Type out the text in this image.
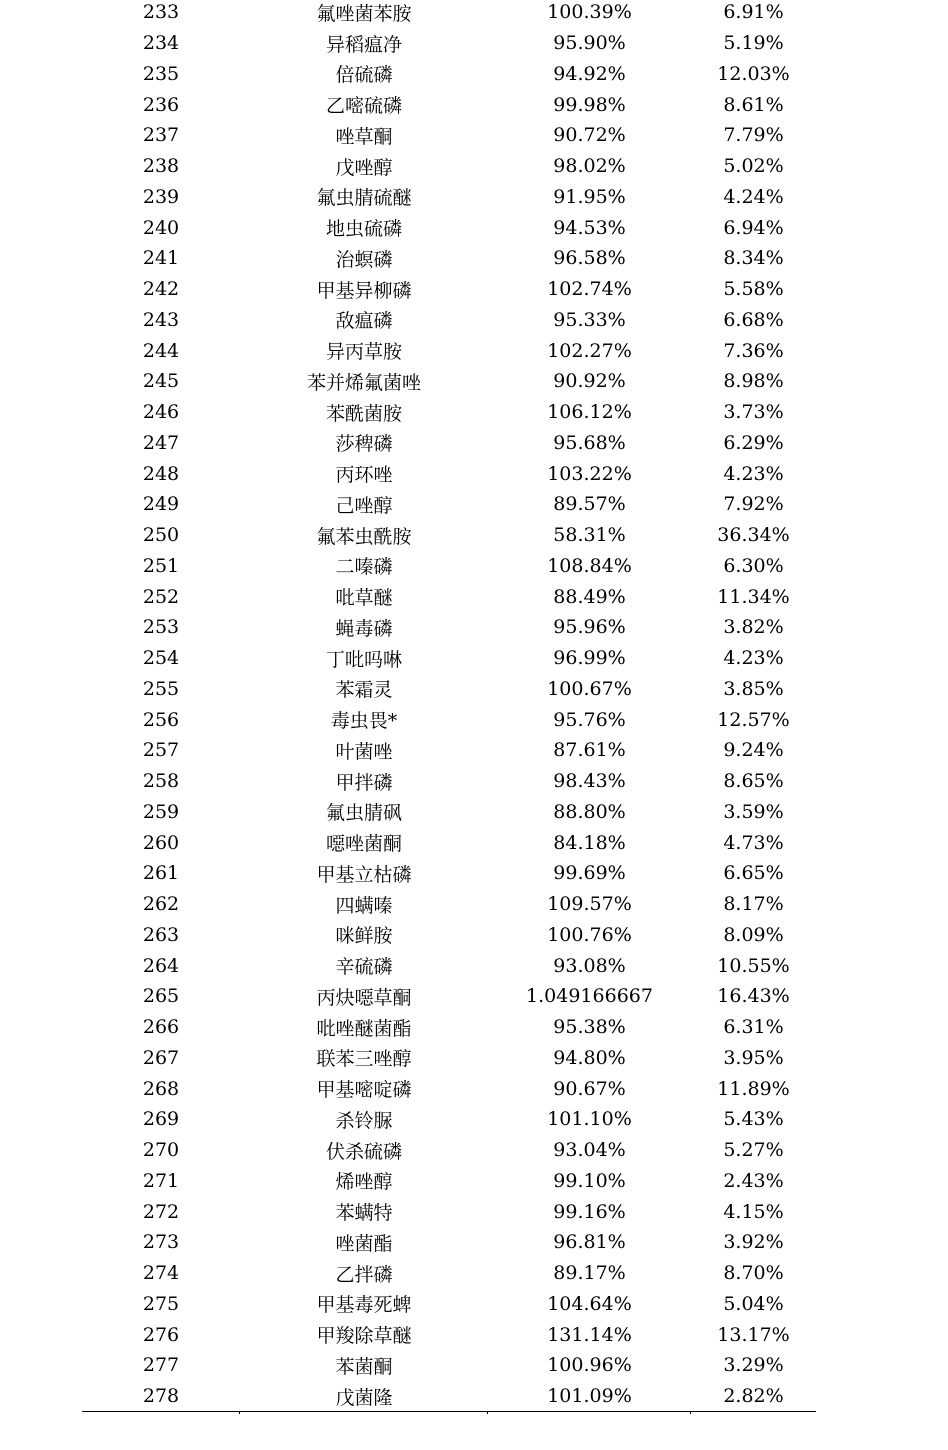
233	氟唑菌苯胺	100.39%	6.91%
234	异稻瘟净	95.90%	5.19%
235	倍硫磷	94.92%	12.03%
236	乙嘧硫磷	99.98%	8.61%
237	唑草酮	90.72%	7.79%
238	戊唑醇	98.02%	5.02%
239	氟虫腈硫醚	91.95%	4.24%
240	地虫硫磷	94.53%	6.94%
241	治螟磷	96.58%	8.34%
242	甲基异柳磷	102.74%	5.58%
243	敌瘟磷	95.33%	6.68%
244	异丙草胺	102.27%	7.36%
245	苯并烯氟菌唑	90.92%	8.98%
246	苯酰菌胺	106.12%	3.73%
247	莎稗磷	95.68%	6.29%
248	丙环唑	103.22%	4.23%
249	己唑醇	89.57%	7.92%
250	氟苯虫酰胺	58.31%	36.34%
251	二嗪磷	108.84%	6.30%
252	吡草醚	88.49%	11.34%
253	蝇毒磷	95.96%	3.82%
254	丁吡吗啉	96.99%	4.23%
255	苯霜灵	100.67%	3.85%
256	毒虫畏*	95.76%	12.57%
257	叶菌唑	87.61%	9.24%
258	甲拌磷	98.43%	8.65%
259	氟虫腈砜	88.80%	3.59%
260	噁唑菌酮	84.18%	4.73%
261	甲基立枯磷	99.69%	6.65%
262	四螨嗪	109.57%	8.17%
263	咪鲜胺	100.76%	8.09%
264	辛硫磷	93.08%	10.55%
265	丙炔噁草酮	1.049166667	16.43%
266	吡唑醚菌酯	95.38%	6.31%
267	联苯三唑醇	94.80%	3.95%
268	甲基嘧啶磷	90.67%	11.89%
269	杀铃脲	101.10%	5.43%
270	伏杀硫磷	93.04%	5.27%
271	烯唑醇	99.10%	2.43%
272	苯螨特	99.16%	4.15%
273	唑菌酯	96.81%	3.92%
274	乙拌磷	89.17%	8.70%
275	甲基毒死蜱	104.64%	5.04%
276	甲羧除草醚	131.14%	13.17%
277	苯菌酮	100.96%	3.29%
278	戊菌隆	101.09%	2.82%
